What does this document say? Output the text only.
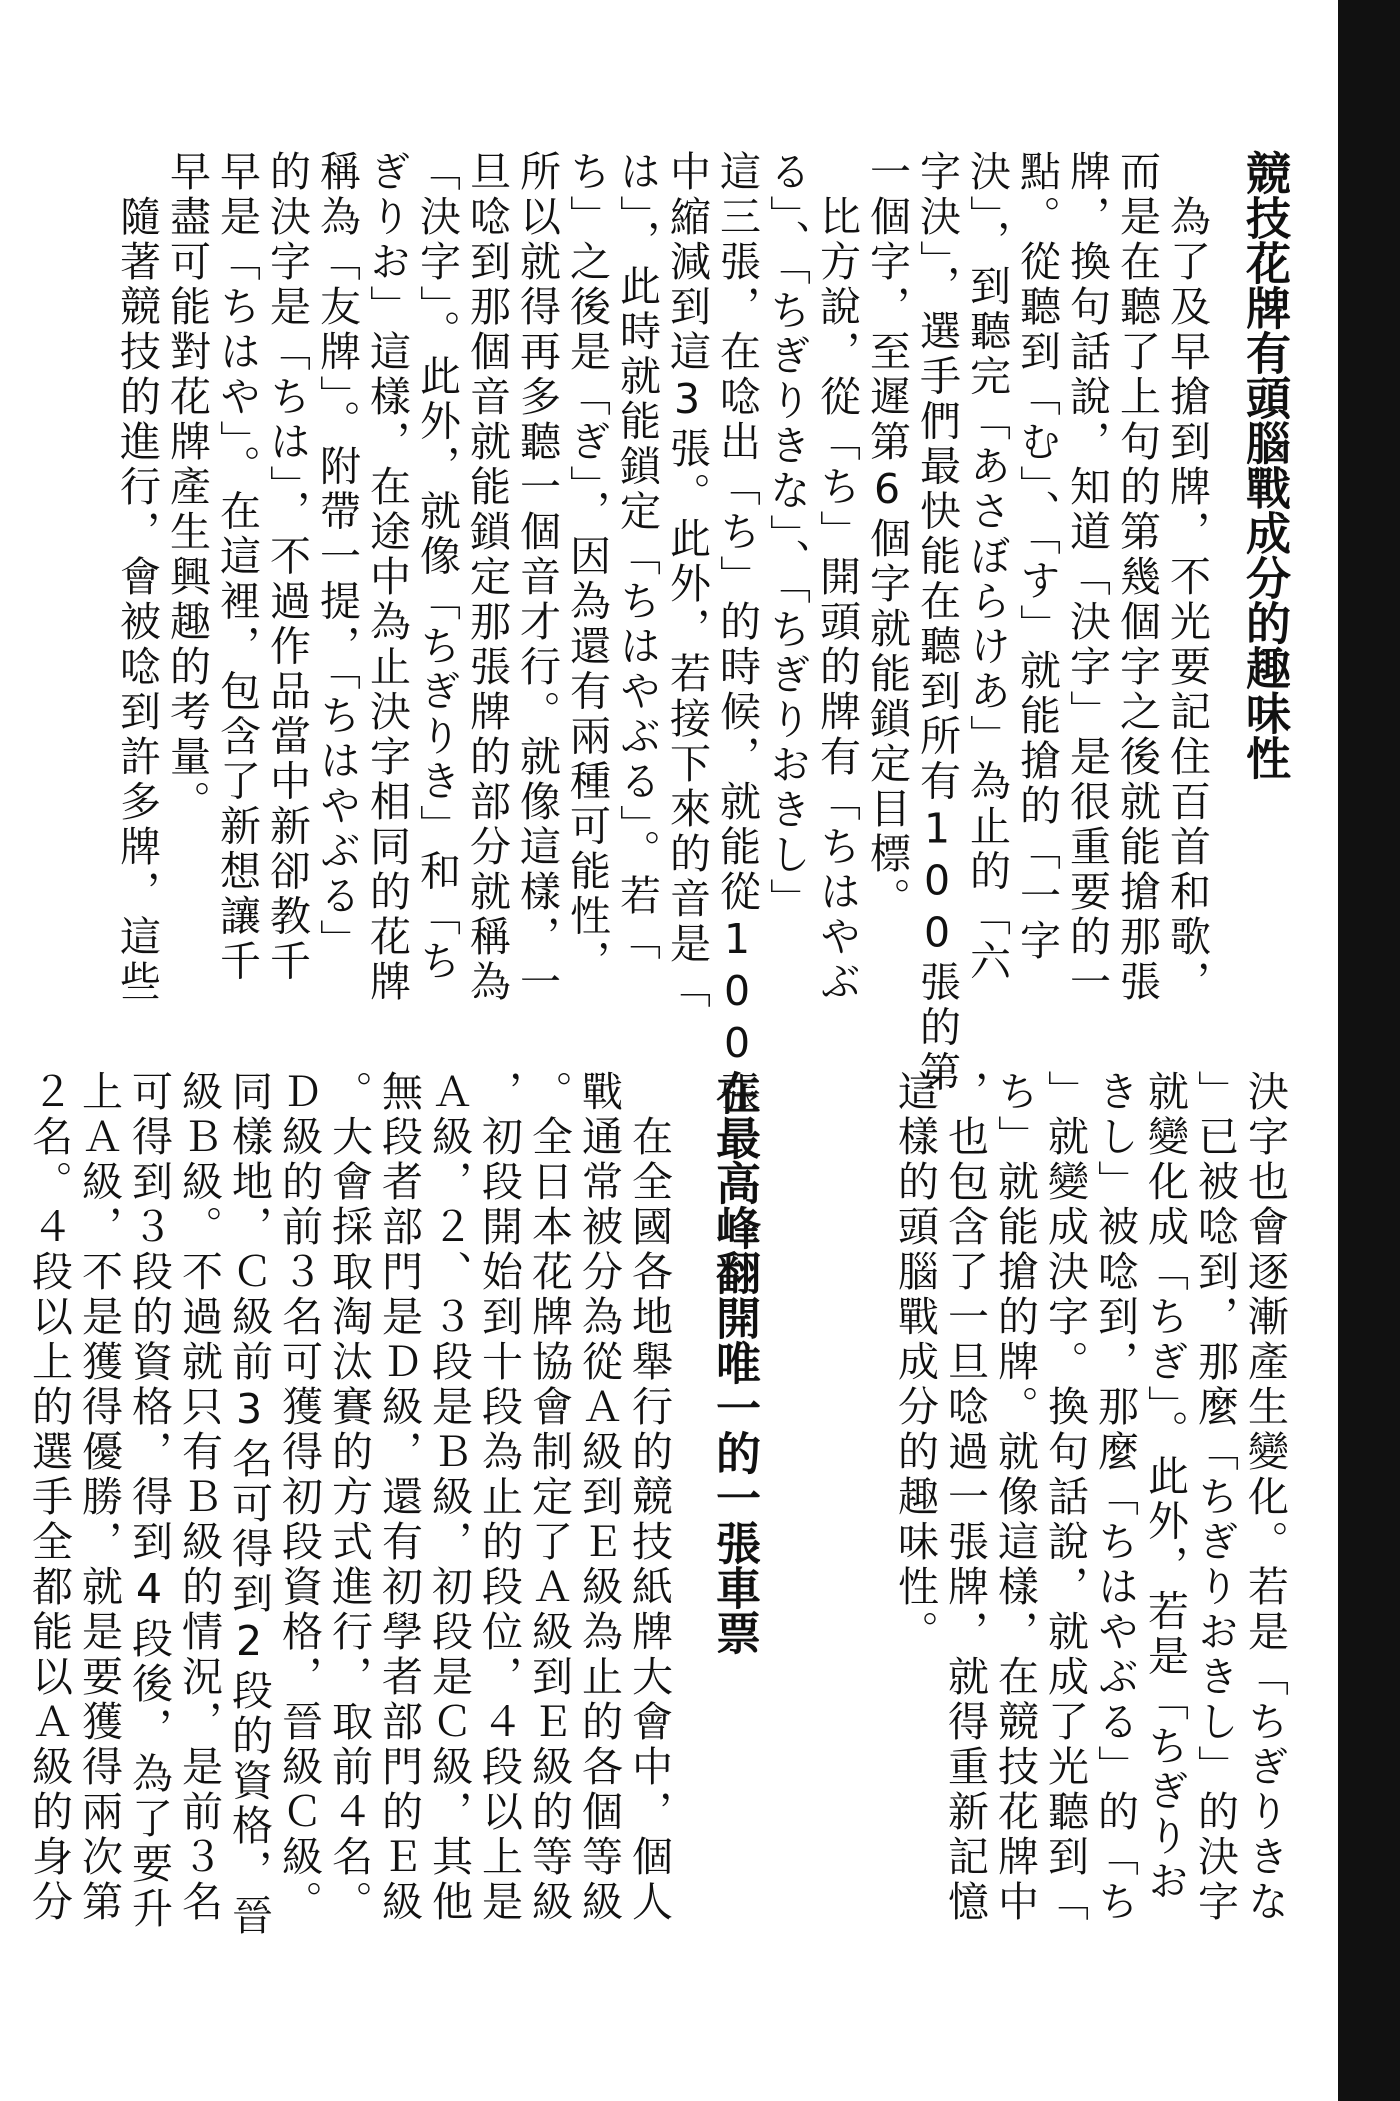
競技花牌有頭腦戰成分的趣味性
　為了及早搶到牌，不光要記住百首和歌，
而是在聽了上句的第幾個字之後就能搶那張
牌，換句話說，知道「決字」是很重要的一
點。從聽到「む」、「す」就能搶的「一字
決」，到聽完「あさぼらけあ」為止的「六
字決」，選手們最快能在聽到所有100張的第
一個字，至遲第6個字就能鎖定目標。
　比方說，從「ち」開頭的牌有「ちはやぶ
る」、「ちぎりきな」、「ちぎりおきし」
這三張，在唸出「ち」的時候，就能從100張
中縮減到這3張。此外，若接下來的音是「
は」，此時就能鎖定「ちはやぶる」。若「
ち」之後是「ぎ」，因為還有兩種可能性，
所以就得再多聽一個音才行。就像這樣，一
旦唸到那個音就能鎖定那張牌的部分就稱為
「決字」。此外，就像「ちぎりき」和「ち
ぎりお」這樣，在途中為止決字相同的花牌
稱為「友牌」。附帶一提，「ちはやぶる」
的決字是「ちは」，不過作品當中新卻教千
早是「ちはや」。在這裡，包含了新想讓千
早盡可能對花牌產生興趣的考量。
　隨著競技的進行，會被唸到許多牌，這些
決字也會逐漸產生變化。若是「ちぎりきな
」已被唸到，那麼「ちぎりおきし」的決字
就變化成「ちぎ」。此外，若是「ちぎりお
きし」被唸到，那麼「ちはやぶる」的「ち
」就變成決字。換句話說，就成了光聽到「
ち」就能搶的牌。就像這樣，在競技花牌中
，也包含了一旦唸過一張牌，就得重新記憶
這樣的頭腦戰成分的趣味性。
在最高峰翻開唯一的一張車票
　在全國各地舉行的競技紙牌大會中，個人
戰通常被分為從Ａ級到Ｅ級為止的各個等級
。全日本花牌協會制定了Ａ級到Ｅ級的等級
，初段開始到十段為止的段位，４段以上是
Ａ級，２、３段是Ｂ級，初段是Ｃ級，其他
無段者部門是Ｄ級，還有初學者部門的Ｅ級
。大會採取淘汰賽的方式進行，取前４名。
Ｄ級的前３名可獲得初段資格，晉級Ｃ級。
同樣地，Ｃ級前3名可得到2段的資格，晉
級Ｂ級。不過就只有Ｂ級的情況，是前３名
可得到３段的資格，得到4段後，為了要升
上Ａ級，不是獲得優勝，就是要獲得兩次第
２名。４段以上的選手全都能以Ａ級的身分
